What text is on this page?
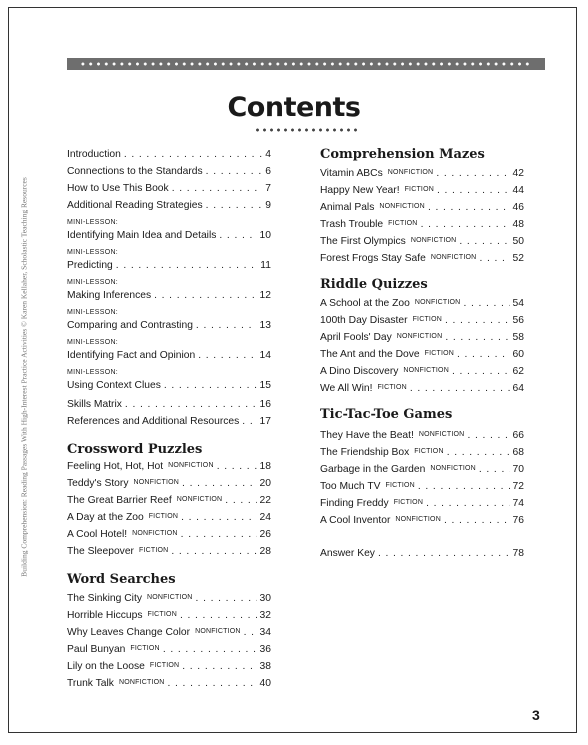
Contents
Building Comprehension: Reading Passages With High-Interest Practice Activities © Karen Kellaher, Scholastic Teaching Resources
Introduction . . .	4
Connections to the Standards . . .	6
How to Use This Book . . .	7
Additional Reading Strategies . . .	9
MINI-LESSON:
Identifying Main Idea and Details . . .	10
MINI-LESSON:
Predicting . . .	11
MINI-LESSON:
Making Inferences . . .	12
MINI-LESSON:
Comparing and Contrasting . . .	13
MINI-LESSON:
Identifying Fact and Opinion . . .	14
MINI-LESSON:
Using Context Clues . . .	15
Skills Matrix . . .	16
References and Additional Resources . . . 17
Crossword Puzzles
Feeling Hot, Hot, Hot NONFICTION . . .	18
Teddy's Story NONFICTION . . .	20
The Great Barrier Reef NONFICTION . . .	22
A Day at the Zoo FICTION . . .	24
A Cool Hotel! NONFICTION . . .	26
The Sleepover FICTION . . .	28
Word Searches
The Sinking City NONFICTION . . .	30
Horrible Hiccups FICTION . . .	32
Why Leaves Change Color NONFICTION . . . 34
Paul Bunyan FICTION . . .	36
Lily on the Loose FICTION . . .	38
Trunk Talk NONFICTION . . .	40
Comprehension Mazes
Vitamin ABCs NONFICTION . . .	42
Happy New Year! FICTION . . .	44
Animal Pals NONFICTION . . .	46
Trash Trouble FICTION . . .	48
The First Olympics NONFICTION . . .	50
Forest Frogs Stay Safe NONFICTION . . .	52
Riddle Quizzes
A School at the Zoo NONFICTION . . .	54
100th Day Disaster FICTION . . .	56
April Fools' Day NONFICTION . . .	58
The Ant and the Dove FICTION . . .	60
A Dino Discovery NONFICTION . . .	62
We All Win! FICTION . . .	64
Tic-Tac-Toe Games
They Have the Beat! NONFICTION . . .	66
The Friendship Box FICTION . . .	68
Garbage in the Garden NONFICTION . . .	70
Too Much TV FICTION . . .	72
Finding Freddy FICTION . . .	74
A Cool Inventor NONFICTION . . .	76
Answer Key . . .	78
3
